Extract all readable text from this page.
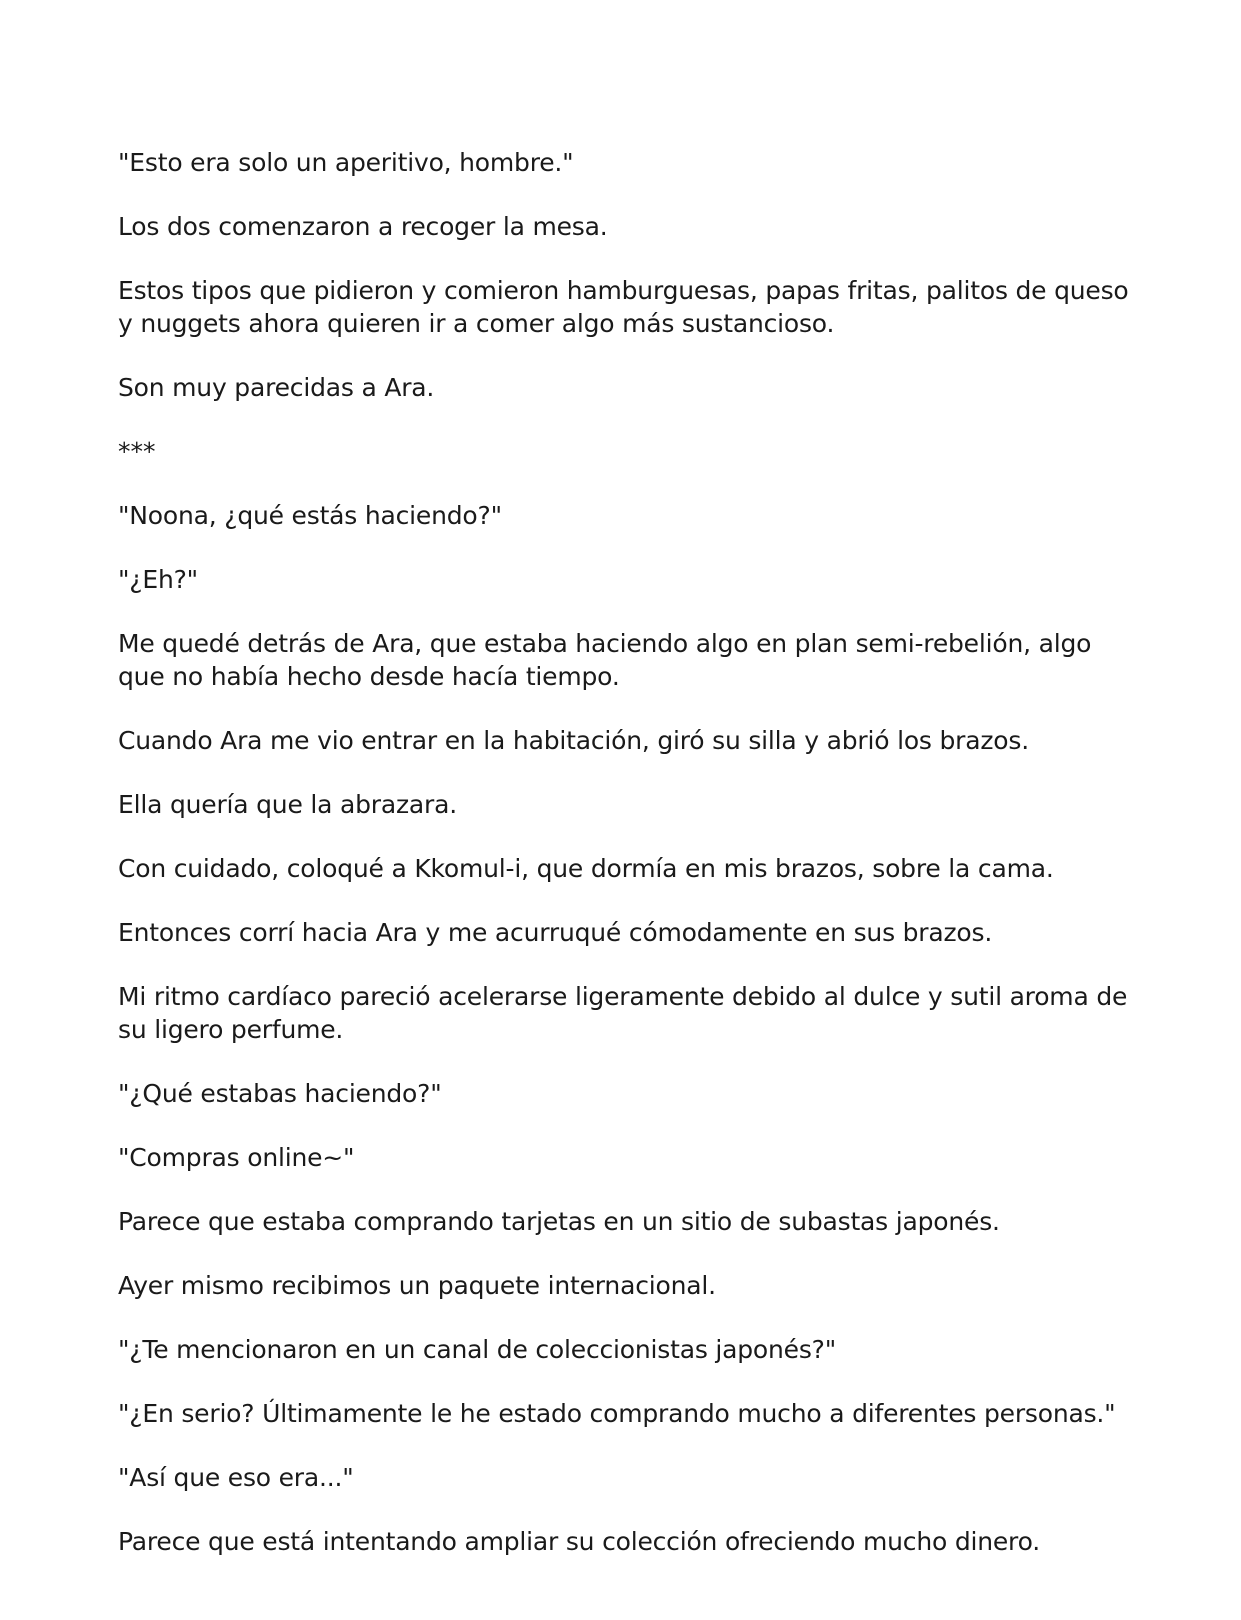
"Esto era solo un aperitivo, hombre."

Los dos comenzaron a recoger la mesa.

Estos tipos que pidieron y comieron hamburguesas, papas fritas, palitos de queso y nuggets ahora quieren ir a comer algo más sustancioso.

Son muy parecidas a Ara.

***

"Noona, ¿qué estás haciendo?"

"¿Eh?"

Me quedé detrás de Ara, que estaba haciendo algo en plan semi-rebelión, algo que no había hecho desde hacía tiempo.

Cuando Ara me vio entrar en la habitación, giró su silla y abrió los brazos.

Ella quería que la abrazara.

Con cuidado, coloqué a Kkomul-i, que dormía en mis brazos, sobre la cama.

Entonces corrí hacia Ara y me acurruqué cómodamente en sus brazos.

Mi ritmo cardíaco pareció acelerarse ligeramente debido al dulce y sutil aroma de su ligero perfume.

"¿Qué estabas haciendo?"

"Compras online~"

Parece que estaba comprando tarjetas en un sitio de subastas japonés.

Ayer mismo recibimos un paquete internacional.

"¿Te mencionaron en un canal de coleccionistas japonés?"

"¿En serio? Últimamente le he estado comprando mucho a diferentes personas."

"Así que eso era..."

Parece que está intentando ampliar su colección ofreciendo mucho dinero.
